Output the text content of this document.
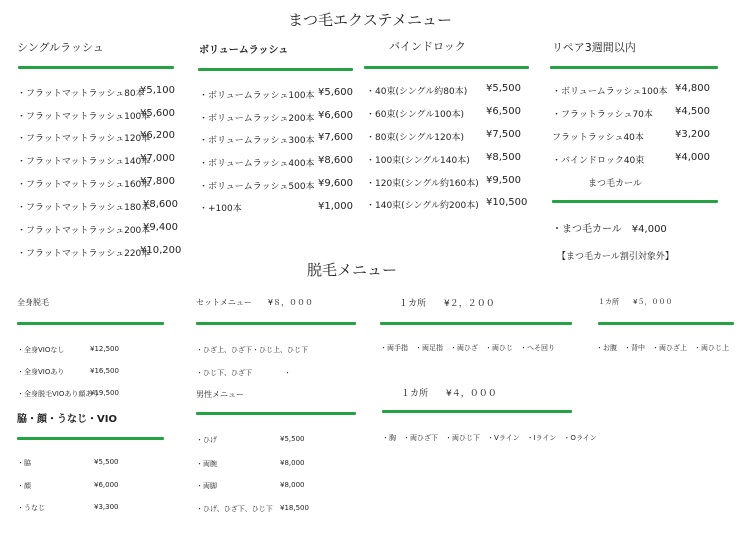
まつ毛エクステメニュー
脱毛メニュー
シングルラッシュ
・フラットマットラッシュ80本
¥5,100
・フラットマットラッシュ100本
¥5,600
・フラットマットラッシュ120本
¥6,200
・フラットマットラッシュ140本
¥7,000
・フラットマットラッシュ160本
¥7,800
・フラットマットラッシュ180本
¥8,600
・フラットマットラッシュ200本
¥9,400
・フラットマットラッシュ220本
¥10,200
ボリュームラッシュ
・ボリュームラッシュ100本 ¥5,600
・ボリュームラッシュ200本 ¥6,600
・ボリュームラッシュ300本 ¥7,600
・ボリュームラッシュ400本 ¥8,600
・ボリュームラッシュ500本 ¥9,600
・+100本	¥1,000
バインドロック
・40束(シングル約80本) ¥5,500
・60束(シングル100本) ¥6,500
・80束(シングル120本) ¥7,500
・100束(シングル140本) ¥8,500
・120束(シングル約160本) ¥9,500
・140束(シングル約200本) ¥10,500
リペア3週間以内
・ボリュームラッシュ100本 ¥4,800
・フラットラッシュ70本 ¥4,500
フラットラッシュ40本	¥3,200
・バインドロック40束	¥4,000
まつ毛カール
・まつ毛カール　¥4,000
【まつ毛カール割引対象外】
全身脱毛
・全身VIOなし	¥12,500
・全身VIOあり	¥16,500
・全身脱毛VIOあり顔あり
¥19,500
脇・顔・うなじ・VIO
・脇	¥5,500
・顔	¥6,000
・うなじ	¥3,300
セットメニュー　　¥８，０００
・ひざ上、ひざ下 ・ひじ上、ひじ下
・ひじ下、ひざ下	・
男性メニュー
・ひげ	¥5,500
・両腕	¥8,000
・両脚	¥8,000
・ひげ、ひざ下、ひじ下 ¥18,500
１カ所　　¥２，２００
・両手指　・両足指　・両ひざ　・両ひじ　・へそ回り
１カ所　　¥４，０００
・胸　・両ひざ下　・両ひじ下　・Vライン　・Iライン　・Oライン
１カ所　　¥５，０００
・お腹　・背中　・両ひざ上　・両ひじ上
